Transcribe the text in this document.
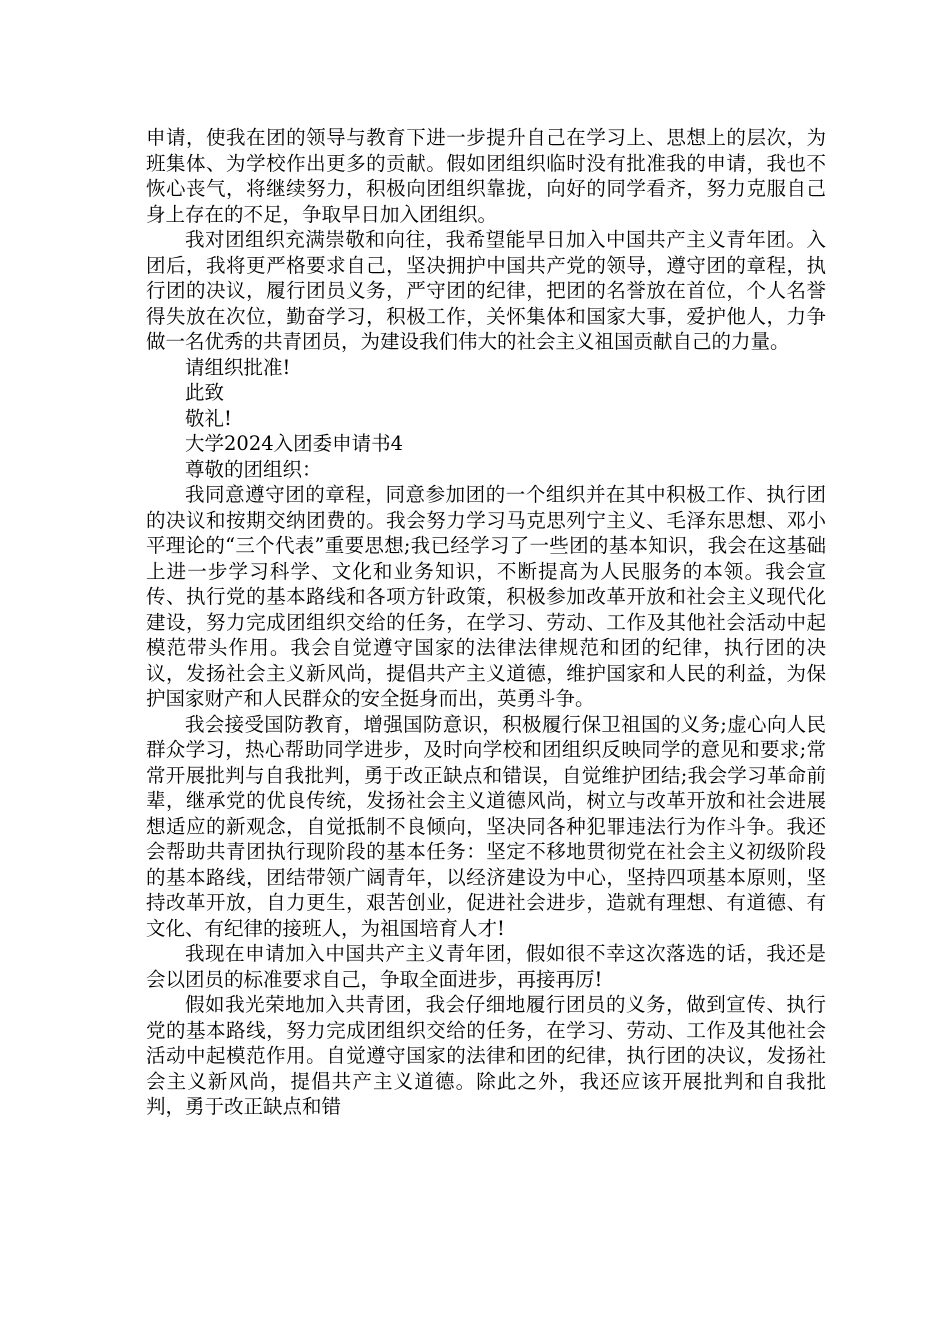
申请，使我在团的领导与教育下进一步提升自己在学习上、思想上的层次，为班集体、为学校作出更多的贡献。假如团组织临时没有批准我的申请，我也不恢心丧气，将继续努力，积极向团组织靠拢，向好的同学看齐，努力克服自己身上存在的不足，争取早日加入团组织。

我对团组织充满崇敬和向往，我希望能早日加入中国共产主义青年团。入团后，我将更严格要求自己，坚决拥护中国共产党的领导，遵守团的章程，执行团的决议，履行团员义务，严守团的纪律，把团的名誉放在首位，个人名誉得失放在次位，勤奋学习，积极工作，关怀集体和国家大事，爱护他人，力争做一名优秀的共青团员，为建设我们伟大的社会主义祖国贡献自己的力量。

请组织批准!

此致

敬礼!

大学2024入团委申请书4

尊敬的团组织：

我同意遵守团的章程，同意参加团的一个组织并在其中积极工作、执行团的决议和按期交纳团费的。我会努力学习马克思列宁主义、毛泽东思想、邓小平理论的“三个代表”重要思想;我已经学习了一些团的基本知识，我会在这基础上进一步学习科学、文化和业务知识，不断提高为人民服务的本领。我会宣传、执行党的基本路线和各项方针政策，积极参加改革开放和社会主义现代化建设，努力完成团组织交给的任务，在学习、劳动、工作及其他社会活动中起模范带头作用。我会自觉遵守国家的法律法律规范和团的纪律，执行团的决议，发扬社会主义新风尚，提倡共产主义道德，维护国家和人民的利益，为保护国家财产和人民群众的安全挺身而出，英勇斗争。

我会接受国防教育，增强国防意识，积极履行保卫祖国的义务;虚心向人民群众学习，热心帮助同学进步，及时向学校和团组织反映同学的意见和要求;常常开展批判与自我批判，勇于改正缺点和错误，自觉维护团结;我会学习革命前辈，继承党的优良传统，发扬社会主义道德风尚，树立与改革开放和社会进展想适应的新观念，自觉抵制不良倾向，坚决同各种犯罪违法行为作斗争。我还会帮助共青团执行现阶段的基本任务：坚定不移地贯彻党在社会主义初级阶段的基本路线，团结带领广阔青年，以经济建设为中心，坚持四项基本原则，坚持改革开放，自力更生，艰苦创业，促进社会进步，造就有理想、有道德、有文化、有纪律的接班人，为祖国培育人才!

我现在申请加入中国共产主义青年团，假如很不幸这次落选的话，我还是会以团员的标准要求自己，争取全面进步，再接再厉!

假如我光荣地加入共青团，我会仔细地履行团员的义务，做到宣传、执行党的基本路线，努力完成团组织交给的任务，在学习、劳动、工作及其他社会活动中起模范作用。自觉遵守国家的法律和团的纪律，执行团的决议，发扬社会主义新风尚，提倡共产主义道德。除此之外，我还应该开展批判和自我批判，勇于改正缺点和错
